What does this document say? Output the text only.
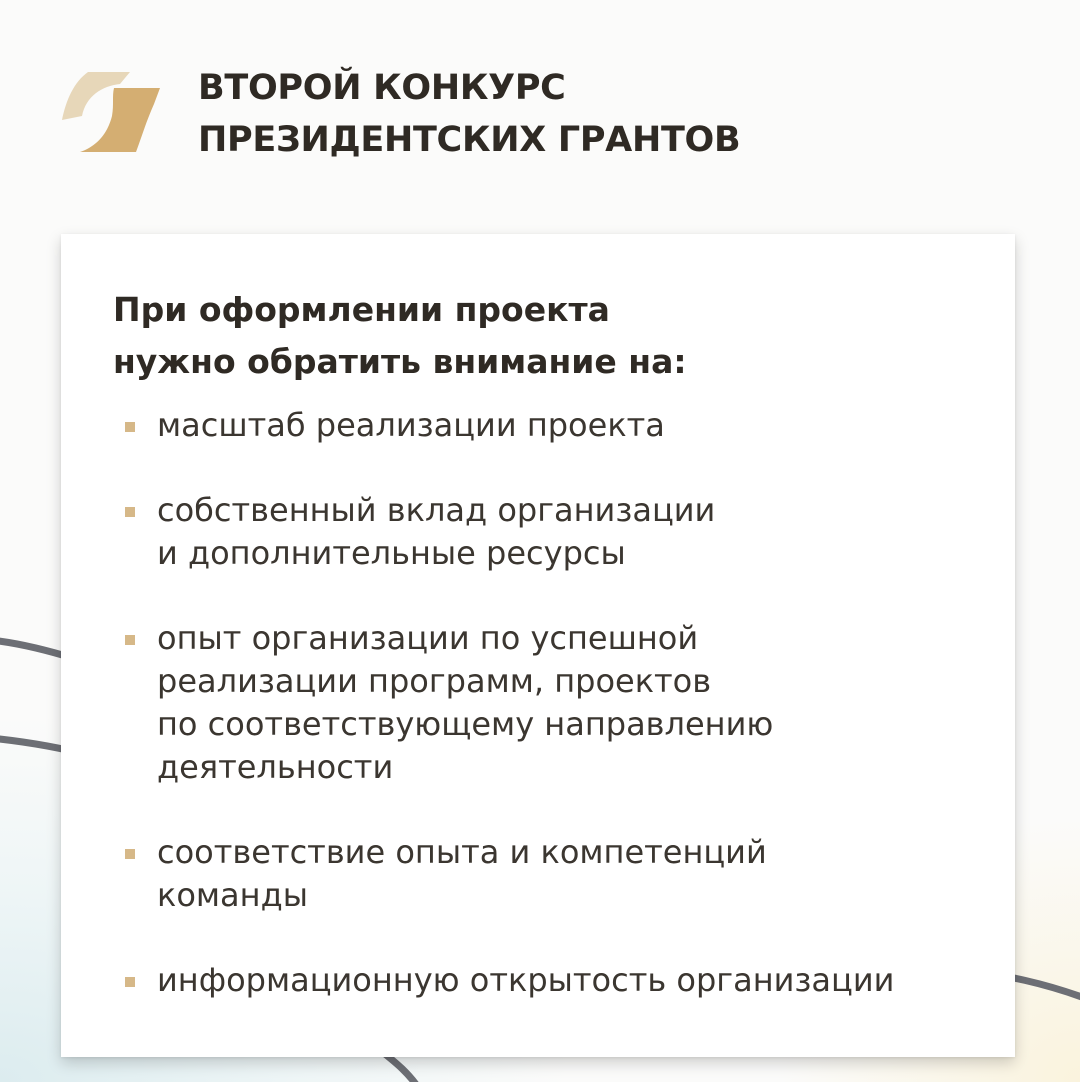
ВТОРОЙ КОНКУРС
ПРЕЗИДЕНТСКИХ ГРАНТОВ
При оформлении проекта
нужно обратить внимание на:
масштаб реализации проекта
собственный вклад организации
и дополнительные ресурсы
опыт организации по успешной
реализации программ, проектов
по соответствующему направлению
деятельности
соответствие опыта и компетенций
команды
информационную открытость организации
